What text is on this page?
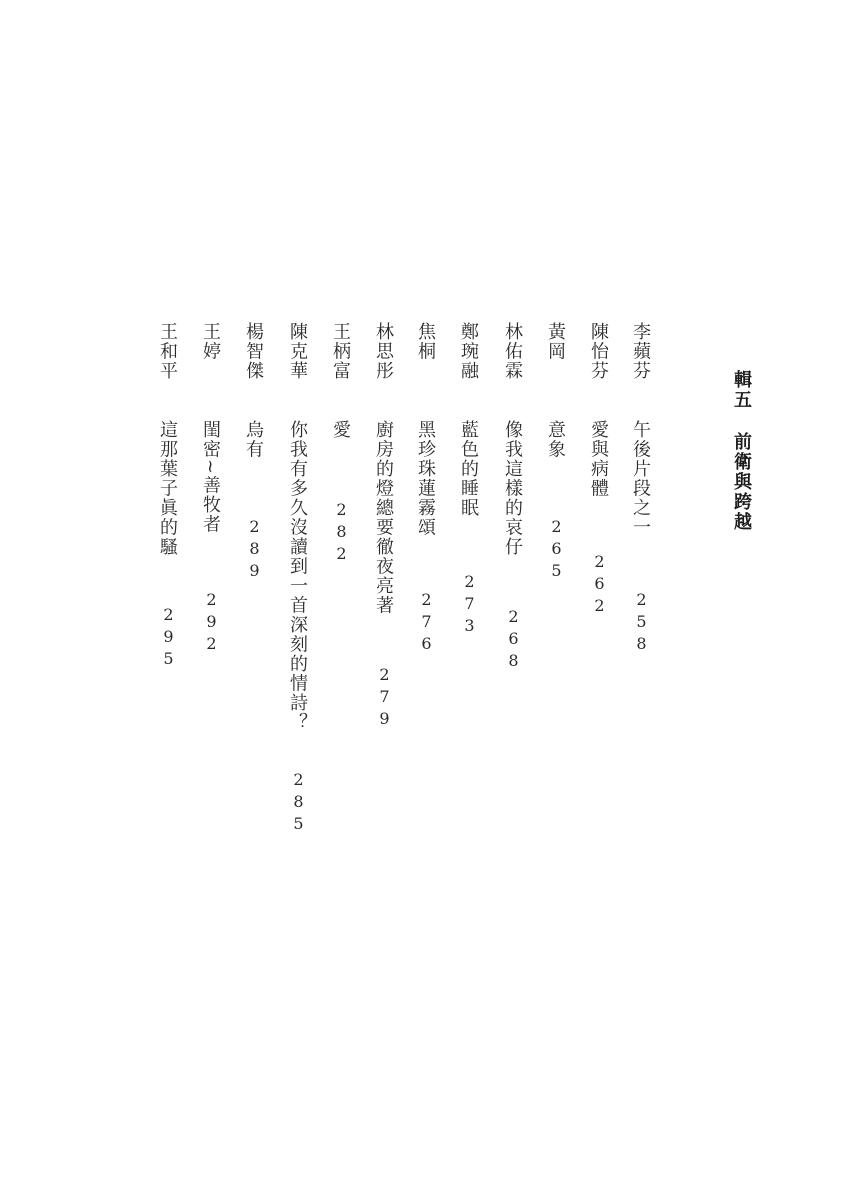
輯五
前衛與跨越
李蘋芬
午後片段之一
258
陳怡芬
愛與病體
262
黃岡
意象
265
林佑霖
像我這樣的哀仔
268
鄭琬融
藍色的睡眠
273
焦桐
黑珍珠蓮霧頌
276
林思彤
廚房的燈總要徹夜亮著
279
王柄富
愛
282
陳克華
你我有多久沒讀到一首深刻的情詩？
285
楊智傑
烏有
289
王婷
閨密~善牧者
292
王和平
這那葉子眞的騷
295
